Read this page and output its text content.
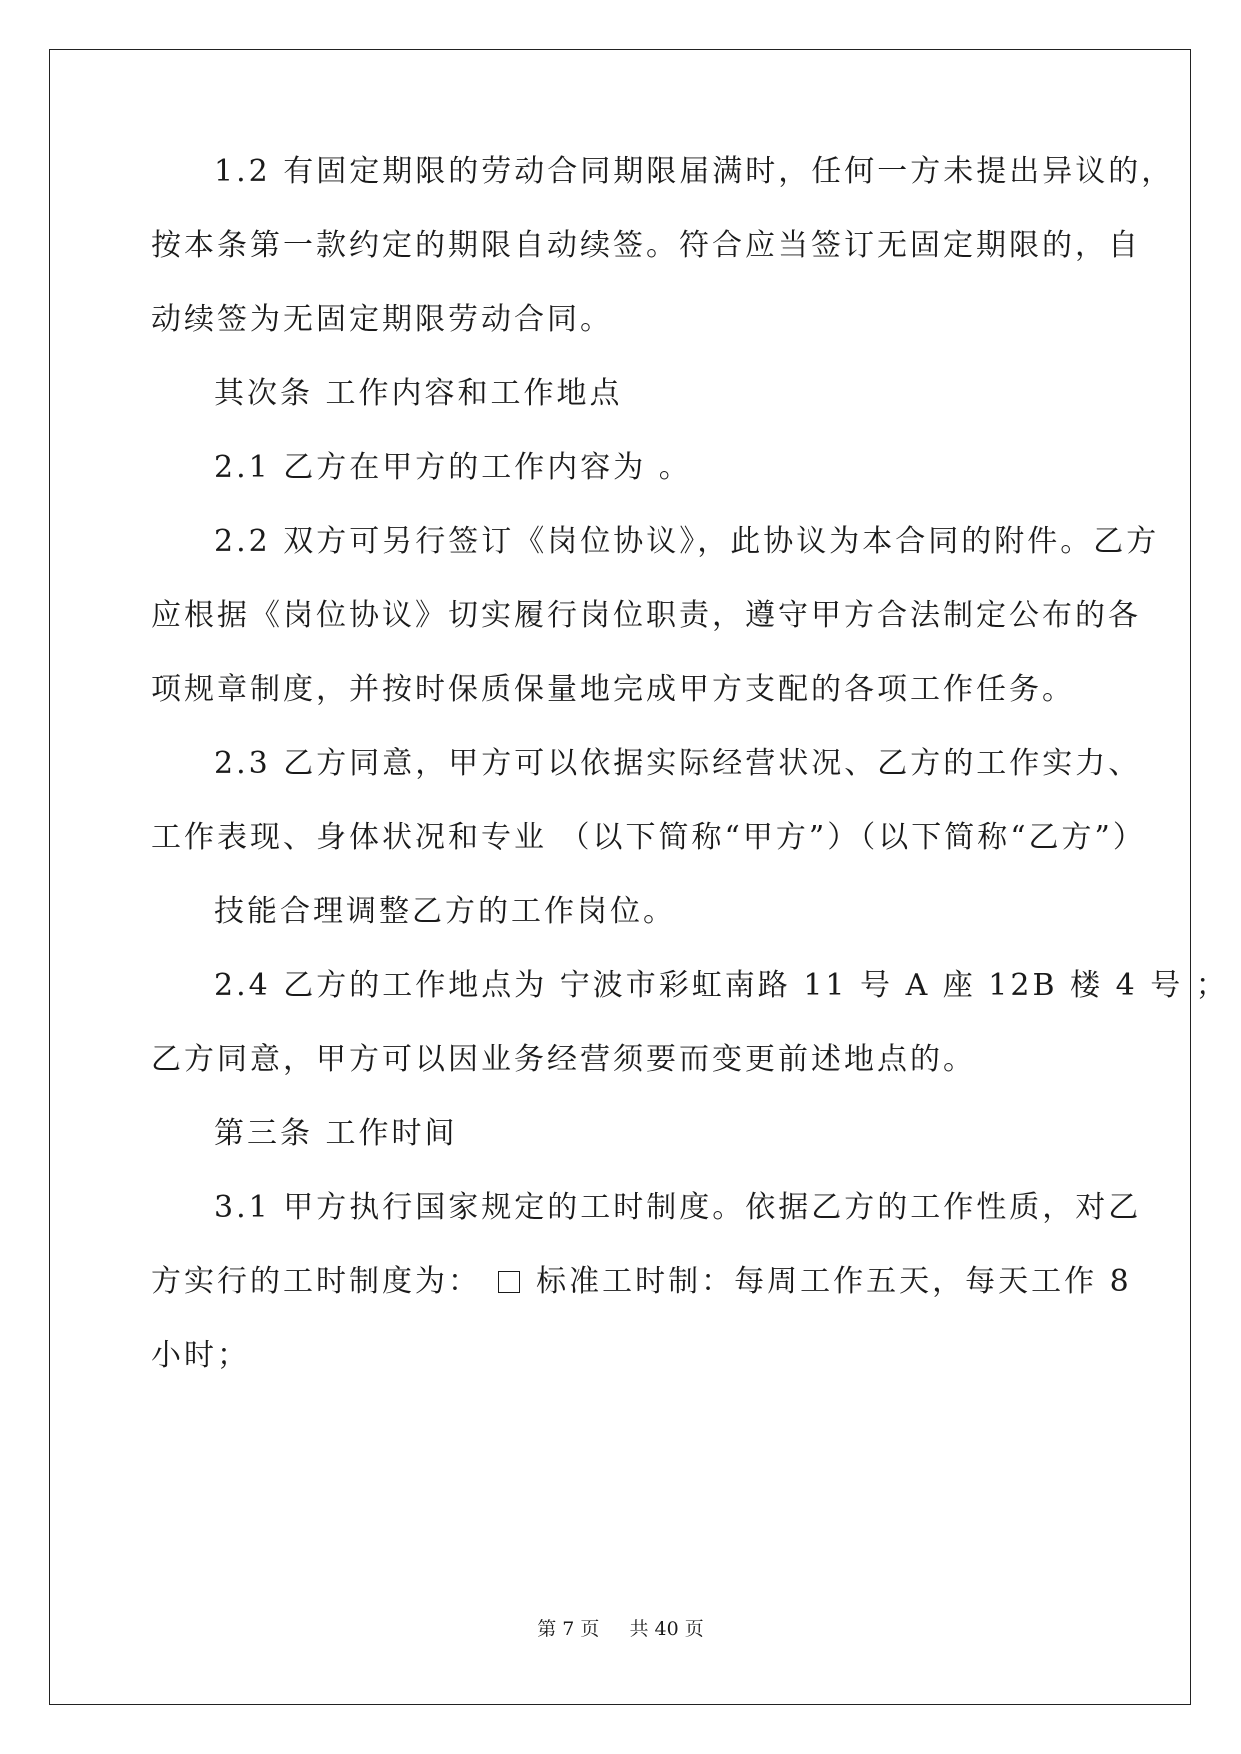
1.2 有固定期限的劳动合同期限届满时，任何一方未提出异议的，
按本条第一款约定的期限自动续签。符合应当签订无固定期限的，自
动续签为无固定期限劳动合同。
其次条 工作内容和工作地点
2.1 乙方在甲方的工作内容为 。
2.2 双方可另行签订《岗位协议》，此协议为本合同的附件。乙方
应根据《岗位协议》切实履行岗位职责，遵守甲方合法制定公布的各
项规章制度，并按时保质保量地完成甲方支配的各项工作任务。
2.3 乙方同意，甲方可以依据实际经营状况、乙方的工作实力、
工作表现、身体状况和专业 （以下简称“甲方”）（以下简称“乙方”）
技能合理调整乙方的工作岗位。
2.4 乙方的工作地点为 宁波市彩虹南路 11 号 A 座 12B 楼 4 号 ；
乙方同意，甲方可以因业务经营须要而变更前述地点的。
第三条 工作时间
3.1 甲方执行国家规定的工时制度。依据乙方的工作性质，对乙
方实行的工时制度为： 标准工时制：每周工作五天，每天工作 8
小时；
第 7 页 共 40 页
